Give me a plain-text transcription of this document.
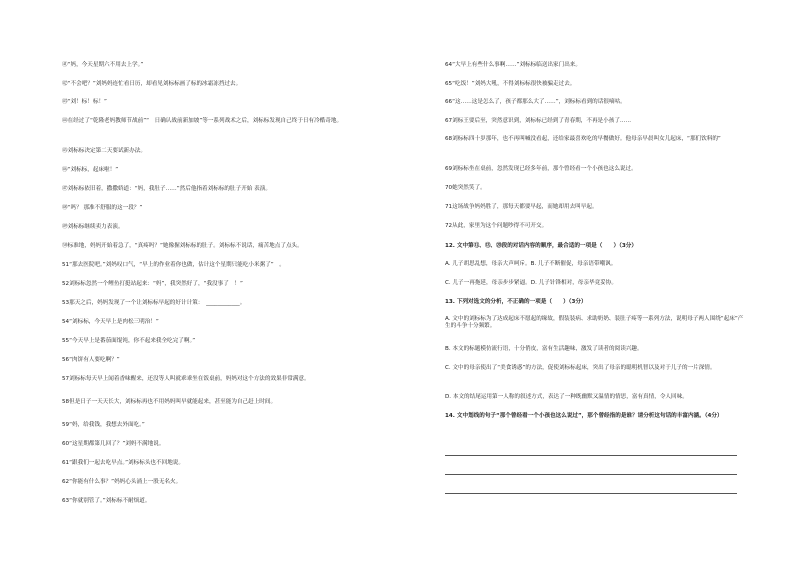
㊶“妈，今天星期六不用去上学。”
㊷“不会吧？”刘妈妈连忙看日历，却看见刘标标画了标的冰霜冻挡过去。
㊸“刘！标！标！”
㊹在经过了“乾隆老妈教师节战前”“　日确认战前新加坡”等一系列战术之后，刘标标发现自己终于日有冷酷奇地。
㊺刘标标决定第二天要试新办法。
㊻“刘标标，起床啦！”
㊼刘标标依旧着，撒撒娇道：“妈，我肚子……”然后他指着刘标标的肚子开始 表演。
㊽“吗？ 那准不舒服的这一段？”
㊾刘标标继续卖力表演。
㊿标准地，妈妈开始着急了，“真疼吗？”她像握刘标标的肚子。刘标标不说话，痛苦地点了点头。
51“那去医院吧。”刘妈叹口气，“早上的作业着你也做，估计这个星期只能吃小米粥了”　。
52刘标标忽然一个鲤鱼打挺站起来：“妈”，我突然好了，“我没事了　！”
53那天之后，妈妈发现了一个让刘标标早起的好计计策：　____________。
54“刘标标，今天早上是肉松三明治！”
55“今天早上是番茄面馄饨，你不起来我全吃完了啊。”
56“肉饼有人要吃啊？”
57刘标标每天早上闻着香味醒来，还没等人叫就乖乖坐在饭桌前，妈妈对这个方法的效果非常满意。
58但是日子一天天长大，刘标标再也不用妈妈叫早就能起来，甚至能为自己赶上时间。
59“妈，给我钱，我想去外面吃。”
60“这星期都第几回了？”刘妈不满地说。
61“跟我们一起去吃早点。”刘标标头也不回地说。
62“你能有什么事？”妈妈心头涌上一股无名火。
63“你就别管了。”刘标标不耐烦道。
64“大早上有些什么事啊……”刘标标临送出家门出来。
65“吃饭！”刘妈大吼，不得刘标标很快被骗走过去。
66“这……这是怎么了，孩子都那么大了……”，刘标标看到的话很嘀咕。
67刘标王要后至，突然意识到，刘标标已经到了青春期，不再是小孩了……
68刘标标四十岁那年，也不再叫喊没看起，还给家最喜欢吃的早餐做好。他母亲早晨叫女儿起床，“那们饮料的”
69刘标标坐在桌前，忽然发现已经多年前，那个曾经看一个小孩也这么说过。
70她突然笑了。
71这场战争妈妈胜了，那每天都要早起，而她却用去叫早起。
72从此，家里为这个问题吵得不可开交。
12. 文中第⑪、⑬、⑳段的对话内容的顺序，最合适的一项是（　　）（3分）
A. 儿子胡思乱想，母亲大声呵斥。B. 儿子不断催促，母亲语带嘲讽。
C. 儿子一再拖延，母亲步步紧逼。D. 儿子针锋相对，母亲毕竟妥协。
13. 下列对选文的分析，不正确的一项是（　　）（3分）
A. 文中的刘标标为了达成起床不愿起的缘故，假装装病、求助奶奶、装肚子疼等一系列方法，说明母子两人围绕“起床”产生的斗争十分频繁。
B. 本文的标题模仿流行语，十分俏皮，富有生活趣味，激发了读者的阅读兴趣。
C. 文中的母亲使出了“美食诱惑”的方法，促使刘标标起床，突出了母亲的聪明机智以及对于儿子的一片深情。
D. 本文的结尾运用第一人称的叙述方式，表达了一种既幽默又温情的情思，富有真情，令人回味。
14. 文中划线的句子“那个曾经看一个小孩也这么说过”，那个曾经指的是谁？请分析这句话的丰富内涵。（4分）
